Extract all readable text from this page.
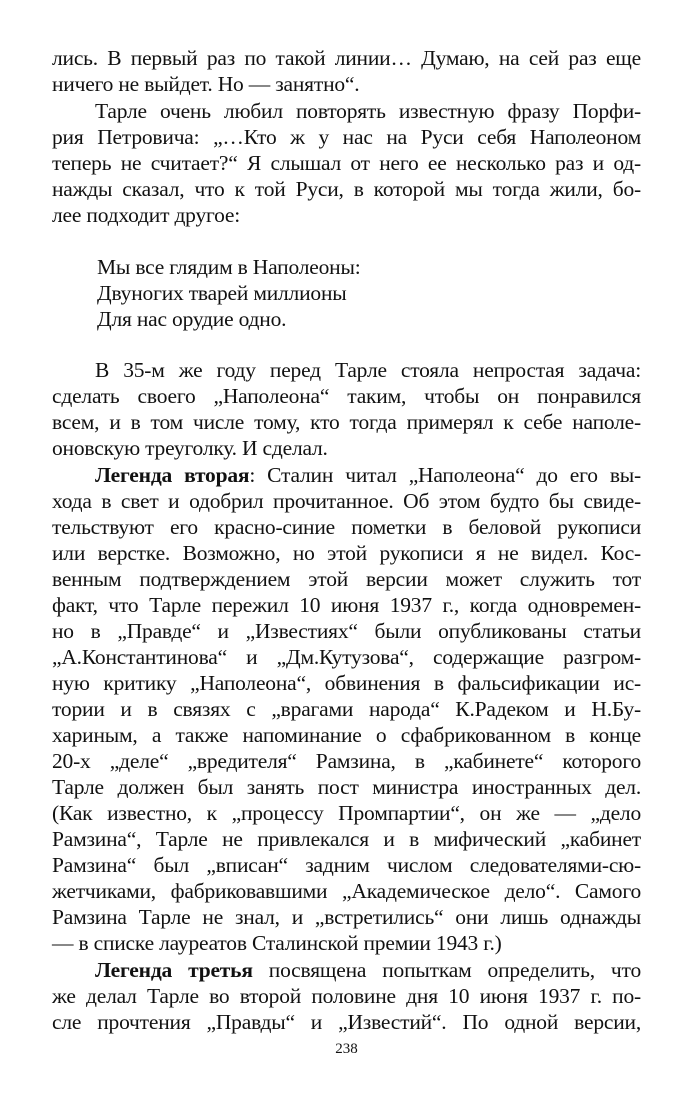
лись. В первый раз по такой линии… Думаю, на сей раз еще
ничего не выйдет. Но — занятно“.
Тарле очень любил повторять известную фразу Порфи-
рия Петровича: „…Кто ж у нас на Руси себя Наполеоном
теперь не считает?“ Я слышал от него ее несколько раз и од-
нажды сказал, что к той Руси, в которой мы тогда жили, бо-
лее подходит другое:
Мы все глядим в Наполеоны:
Двуногих тварей миллионы
Для нас орудие одно.
В 35-м же году перед Тарле стояла непростая задача:
сделать своего „Наполеона“ таким, чтобы он понравился
всем, и в том числе тому, кто тогда примерял к себе наполе-
оновскую треуголку. И сделал.
Легенда вторая: Сталин читал „Наполеона“ до его вы-
хода в свет и одобрил прочитанное. Об этом будто бы свиде-
тельствуют его красно-синие пометки в беловой рукописи
или верстке. Возможно, но этой рукописи я не видел. Кос-
венным подтверждением этой версии может служить тот
факт, что Тарле пережил 10 июня 1937 г., когда одновремен-
но в „Правде“ и „Известиях“ были опубликованы статьи
„А.Константинова“ и „Дм.Кутузова“, содержащие разгром-
ную критику „Наполеона“, обвинения в фальсификации ис-
тории и в связях с „врагами народа“ К.Радеком и Н.Бу-
хариным, а также напоминание о сфабрикованном в конце
20-х „деле“ „вредителя“ Рамзина, в „кабинете“ которого
Тарле должен был занять пост министра иностранных дел.
(Как известно, к „процессу Промпартии“, он же — „дело
Рамзина“, Тарле не привлекался и в мифический „кабинет
Рамзина“ был „вписан“ задним числом следователями-сю-
жетчиками, фабриковавшими „Академическое дело“. Самого
Рамзина Тарле не знал, и „встретились“ они лишь однажды
— в списке лауреатов Сталинской премии 1943 г.)
Легенда третья посвящена попыткам определить, что
же делал Тарле во второй половине дня 10 июня 1937 г. по-
сле прочтения „Правды“ и „Известий“. По одной версии,
238
